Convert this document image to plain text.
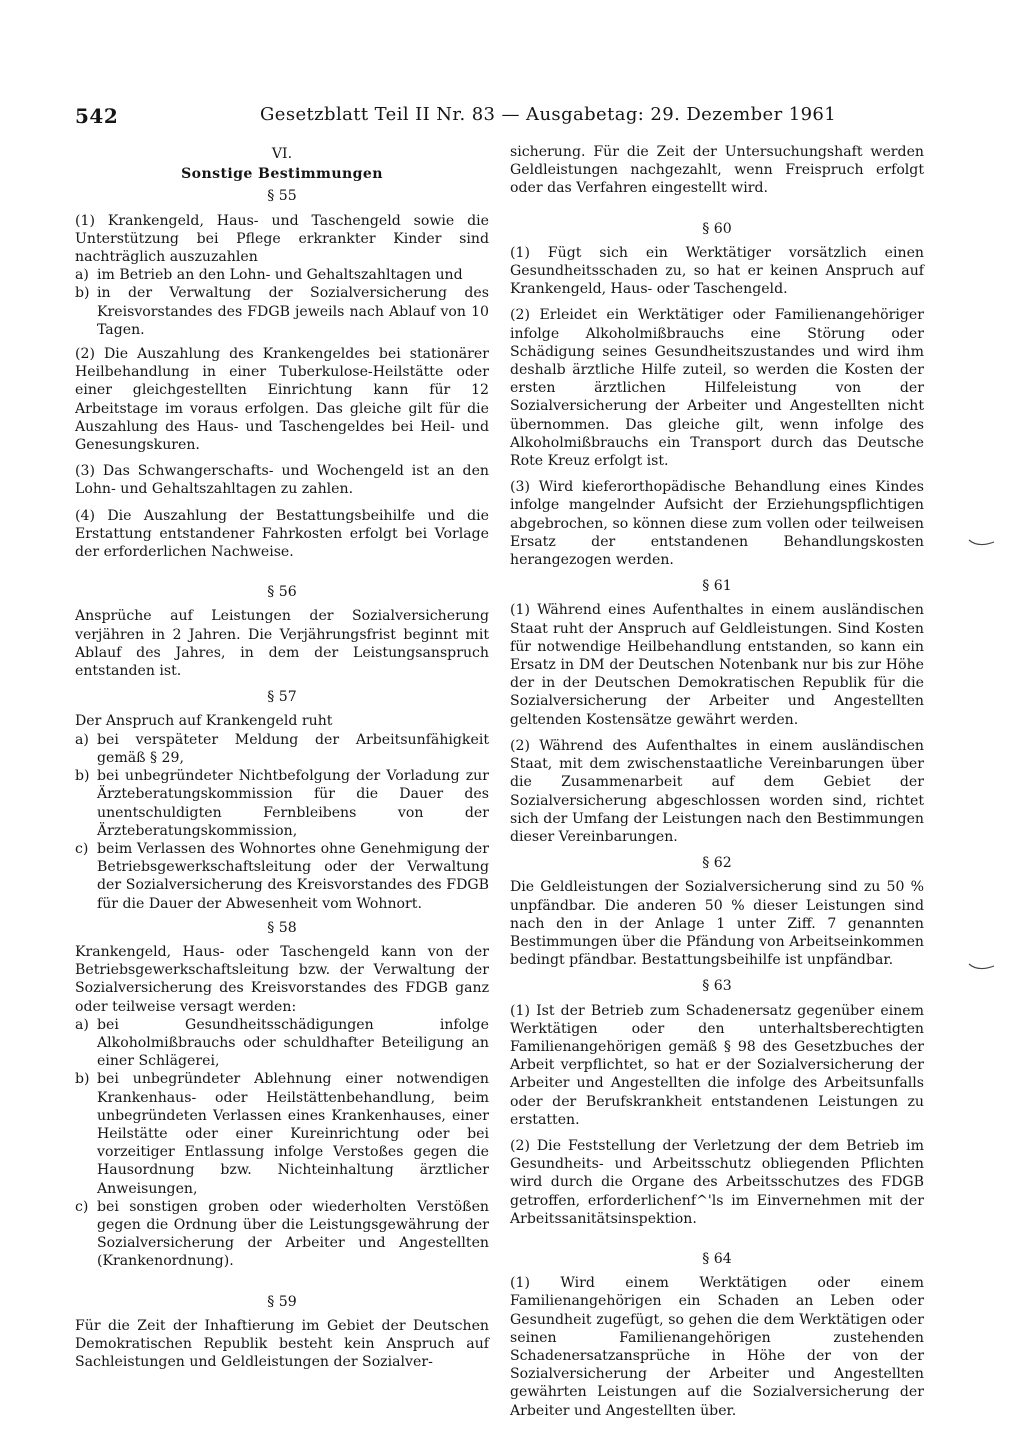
542	Gesetzblatt Teil II Nr. 83 — Ausgabetag: 29. Dezember 1961
VI.
Sonstige Bestimmungen
§ 55

(1) Krankengeld, Haus- und Taschengeld sowie die Unterstützung bei Pflege erkrankter Kinder sind nachträglich auszuzahlen

a) im Betrieb an den Lohn- und Gehaltszahltagen und
b) in der Verwaltung der Sozialversicherung des Kreisvorstandes des FDGB jeweils nach Ablauf von 10 Tagen.

(2) Die Auszahlung des Krankengeldes bei stationärer Heilbehandlung in einer Tuberkulose-Heilstätte oder einer gleichgestellten Einrichtung kann für 12 Arbeitstage im voraus erfolgen. Das gleiche gilt für die Auszahlung des Haus- und Taschengeldes bei Heil- und Genesungskuren.

(3) Das Schwangerschafts- und Wochengeld ist an den Lohn- und Gehaltszahltagen zu zahlen.

(4) Die Auszahlung der Bestattungsbeihilfe und die Erstattung entstandener Fahrkosten erfolgt bei Vorlage der erforderlichen Nachweise.

§ 56

Ansprüche auf Leistungen der Sozialversicherung verjähren in 2 Jahren. Die Verjährungsfrist beginnt mit Ablauf des Jahres, in dem der Leistungsanspruch entstanden ist.

§ 57

Der Anspruch auf Krankengeld ruht

a) bei verspäteter Meldung der Arbeitsunfähigkeit gemäß § 29,
b) bei unbegründeter Nichtbefolgung der Vorladung zur Ärzteberatungskommission für die Dauer des unentschuldigten Fernbleibens von der Ärzteberatungskommission,
c) beim Verlassen des Wohnortes ohne Genehmigung der Betriebsgewerkschaftsleitung oder der Verwaltung der Sozialversicherung des Kreisvorstandes des FDGB für die Dauer der Abwesenheit vom Wohnort.
§ 58

Krankengeld, Haus- oder Taschengeld kann von der Betriebsgewerkschaftsleitung bzw. der Verwaltung der Sozialversicherung des Kreisvorstandes des FDGB ganz oder teilweise versagt werden:

a) bei Gesundheitsschädigungen infolge Alkoholmißbrauchs oder schuldhafter Beteiligung an einer Schlägerei,
b) bei unbegründeter Ablehnung einer notwendigen Krankenhaus- oder Heilstättenbehandlung, beim unbegründeten Verlassen eines Krankenhauses, einer Heilstätte oder einer Kureinrichtung oder bei vorzeitiger Entlassung infolge Verstoßes gegen die Hausordnung bzw. Nichteinhaltung ärztlicher Anweisungen,
c) bei sonstigen groben oder wiederholten Verstößen gegen die Ordnung über die Leistungsgewährung der Sozialversicherung der Arbeiter und Angestellten (Krankenordnung).
§ 59

Für die Zeit der Inhaftierung im Gebiet der Deutschen Demokratischen Republik besteht kein Anspruch auf Sachleistungen und Geldleistungen der Sozialver-

sicherung. Für die Zeit der Untersuchungshaft werden Geldleistungen nachgezahlt, wenn Freispruch erfolgt oder das Verfahren eingestellt wird.

§ 60

(1) Fügt sich ein Werktätiger vorsätzlich einen Gesundheitsschaden zu, so hat er keinen Anspruch auf Krankengeld, Haus- oder Taschengeld.

(2) Erleidet ein Werktätiger oder Familienangehöriger infolge Alkoholmißbrauchs eine Störung oder Schädigung seines Gesundheitszustandes und wird ihm deshalb ärztliche Hilfe zuteil, so werden die Kosten der ersten ärztlichen Hilfeleistung von der Sozialversicherung der Arbeiter und Angestellten nicht übernommen. Das gleiche gilt, wenn infolge des Alkoholmißbrauchs ein Transport durch das Deutsche Rote Kreuz erfolgt ist.

(3) Wird kieferorthopädische Behandlung eines Kindes infolge mangelnder Aufsicht der Erziehungspflichtigen abgebrochen, so können diese zum vollen oder teilweisen Ersatz der entstandenen Behandlungskosten herangezogen werden.

§ 61

(1) Während eines Aufenthaltes in einem ausländischen Staat ruht der Anspruch auf Geldleistungen. Sind Kosten für notwendige Heilbehandlung entstanden, so kann ein Ersatz in DM der Deutschen Notenbank nur bis zur Höhe der in der Deutschen Demokratischen Republik für die Sozialversicherung der Arbeiter und Angestellten geltenden Kostensätze gewährt werden.

(2) Während des Aufenthaltes in einem ausländischen Staat, mit dem zwischenstaatliche Vereinbarungen über die Zusammenarbeit auf dem Gebiet der Sozialversicherung abgeschlossen worden sind, richtet sich der Umfang der Leistungen nach den Bestimmungen dieser Vereinbarungen.

§ 62

Die Geldleistungen der Sozialversicherung sind zu 50 % unpfändbar. Die anderen 50 % dieser Leistungen sind nach den in der Anlage 1 unter Ziff. 7 genannten Bestimmungen über die Pfändung von Arbeitseinkommen bedingt pfändbar. Bestattungsbeihilfe ist unpfändbar.

§ 63

(1) Ist der Betrieb zum Schadenersatz gegenüber einem Werktätigen oder den unterhaltsberechtigten Familienangehörigen gemäß § 98 des Gesetzbuches der Arbeit verpflichtet, so hat er der Sozialversicherung der Arbeiter und Angestellten die infolge des Arbeitsunfalls oder der Berufskrankheit entstandenen Leistungen zu erstatten.

(2) Die Feststellung der Verletzung der dem Betrieb im Gesundheits- und Arbeitsschutz obliegenden Pflichten wird durch die Organe des Arbeitsschutzes des FDGB getroffen, erforderlichenf^'ls im Einvernehmen mit der Arbeitssanitätsinspektion.

§ 64

(1) Wird einem Werktätigen oder einem Familienangehörigen ein Schaden an Leben oder Gesundheit zugefügt, so gehen die dem Werktätigen oder seinen Familienangehörigen zustehenden Schadenersatzansprüche in Höhe der von der Sozialversicherung der Arbeiter und Angestellten gewährten Leistungen auf die Sozialversicherung der Arbeiter und Angestellten über.
